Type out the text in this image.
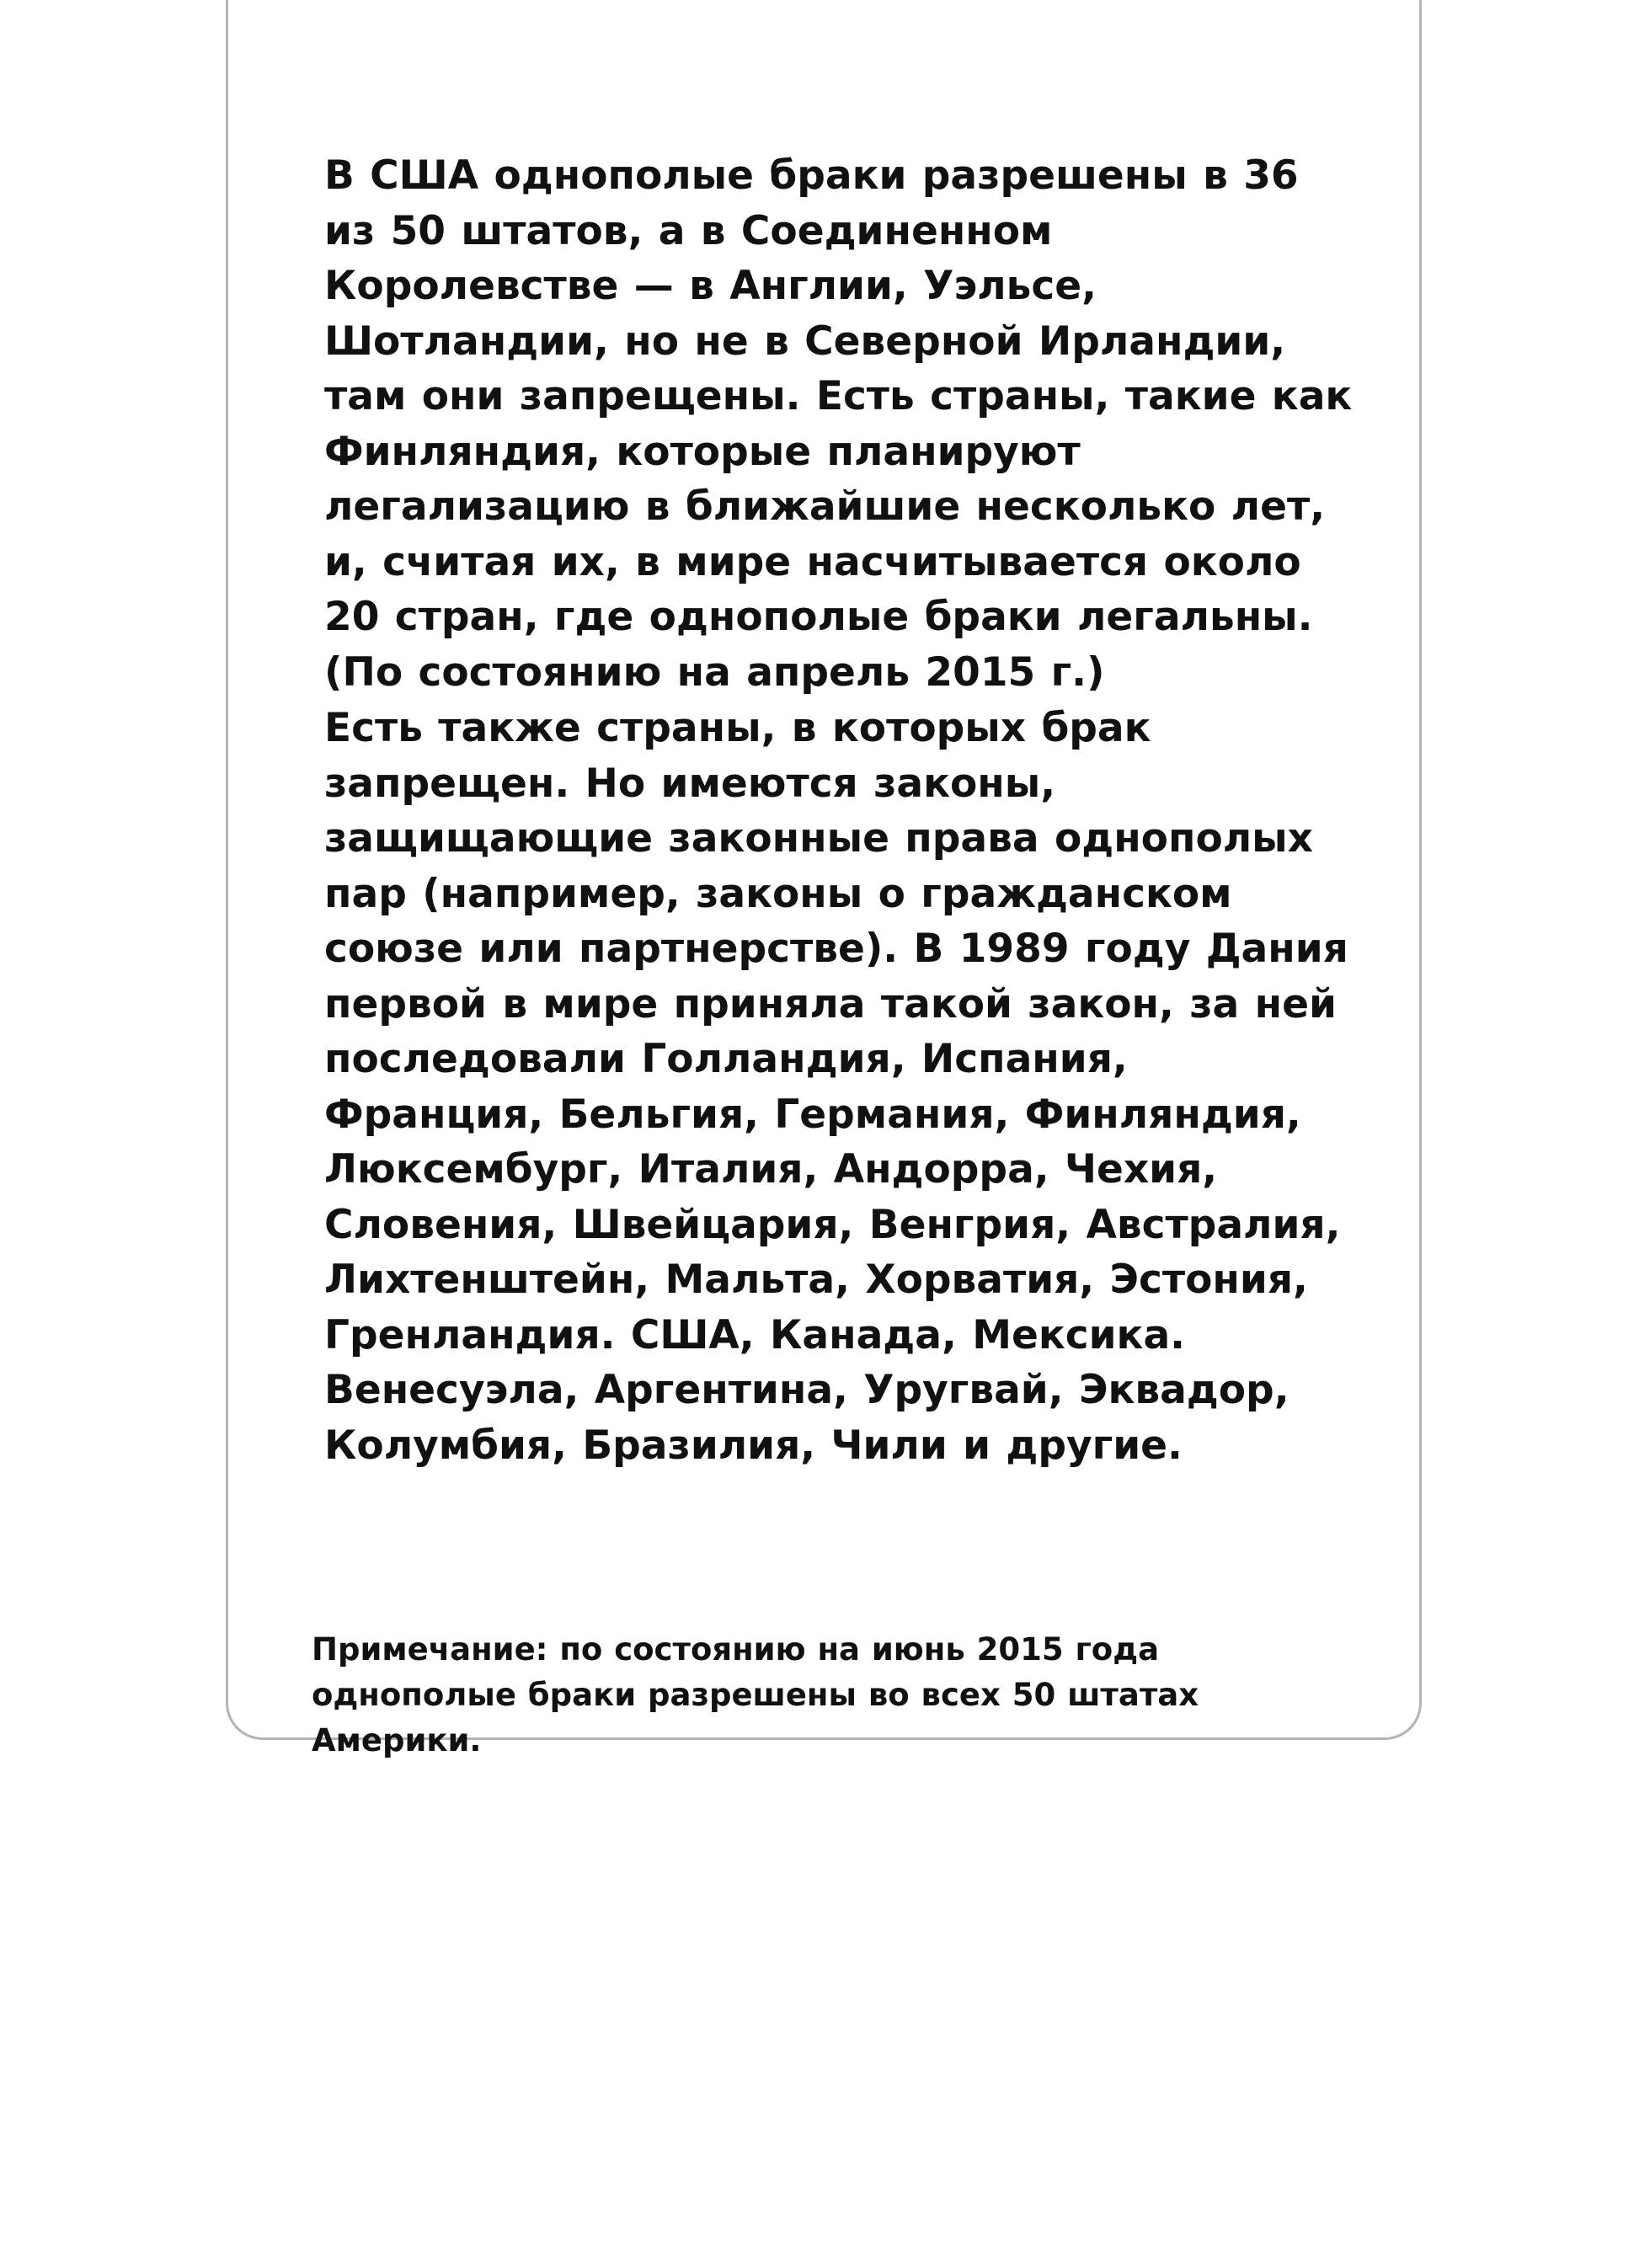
В США однополые браки разрешены в 36 из 50 штатов, а в Соединенном Королевстве — в Англии, Уэльсе, Шотландии, но не в Северной Ирландии, там они запрещены. Есть страны, такие как Финляндия, которые планируют легализацию в ближайшие несколько лет, и, считая их, в мире насчитывается около 20 стран, где однополые браки легальны. (По состоянию на апрель 2015 г.)

Есть также страны, в которых брак запрещен. Но имеются законы, защищающие законные права однополых пар (например, законы о гражданском союзе или партнерстве). В 1989 году Дания первой в мире приняла такой закон, за ней последовали Голландия, Испания, Франция, Бельгия, Германия, Финляндия, Люксембург, Италия, Андорра, Чехия, Словения, Швейцария, Венгрия, Австралия, Лихтенштейн, Мальта, Хорватия, Эстония, Гренландия. США, Канада, Мексика. Венесуэла, Аргентина, Уругвай, Эквадор, Колумбия, Бразилия, Чили и другие.

Примечание: по состоянию на июнь 2015 года однополые браки разрешены во всех 50 штатах Америки.
